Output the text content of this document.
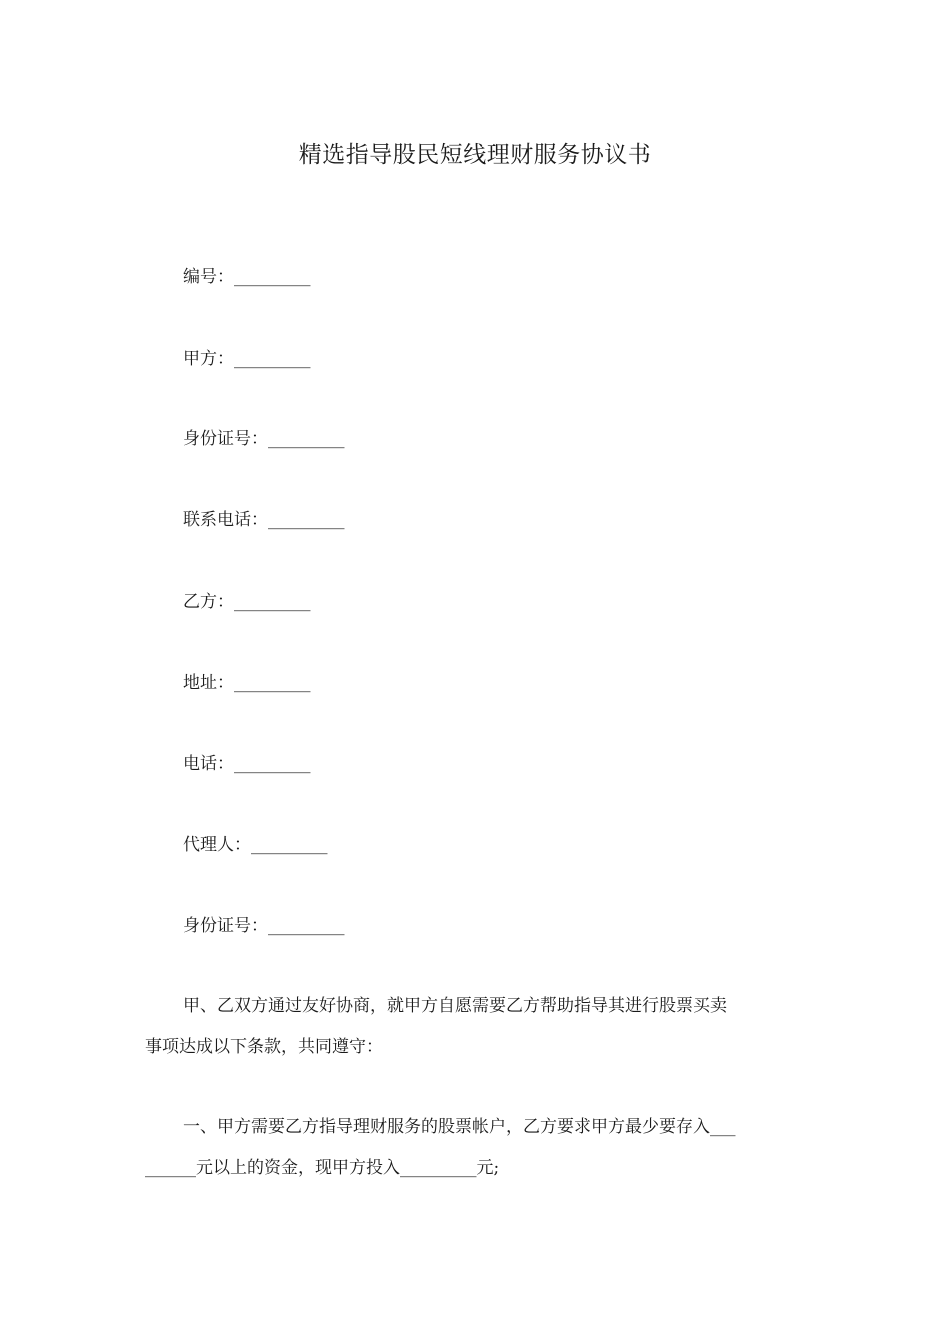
精选指导股民短线理财服务协议书
编号：_________
甲方：_________
身份证号：_________
联系电话：_________
乙方：_________
地址：_________
电话：_________
代理人：_________
身份证号：_________
甲、乙双方通过友好协商，就甲方自愿需要乙方帮助指导其进行股票买卖
事项达成以下条款，共同遵守：
一、甲方需要乙方指导理财服务的股票帐户，乙方要求甲方最少要存入___
______元以上的资金，现甲方投入_________元;
